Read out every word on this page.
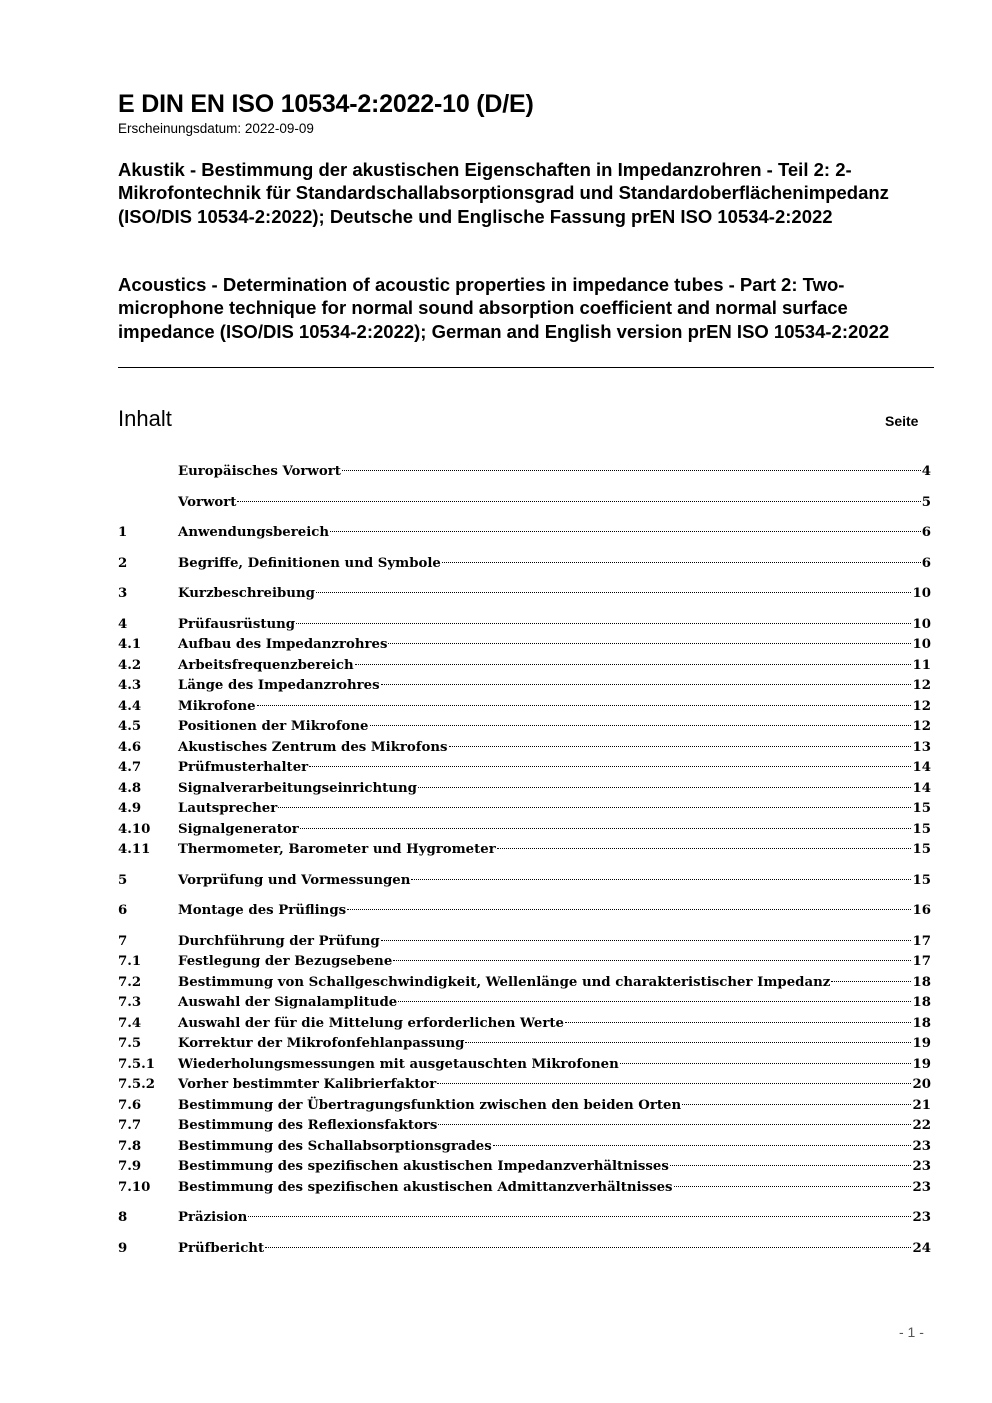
E DIN EN ISO 10534-2:2022-10 (D/E)
Erscheinungsdatum: 2022-09-09
Akustik - Bestimmung der akustischen Eigenschaften in Impedanzrohren - Teil 2: 2-Mikrofontechnik für Standardschallabsorptionsgrad und Standardoberflächenimpedanz (ISO/DIS 10534-2:2022); Deutsche und Englische Fassung prEN ISO 10534-2:2022
Acoustics - Determination of acoustic properties in impedance tubes - Part 2: Two-microphone technique for normal sound absorption coefficient and normal surface impedance (ISO/DIS 10534-2:2022); German and English version prEN ISO 10534-2:2022
Inhalt	Seite
Europäisches Vorwort	4
Vorwort	5
1	Anwendungsbereich	6
2	Begriffe, Definitionen und Symbole	6
3	Kurzbeschreibung	10
4	Prüfausrüstung	10
4.1	Aufbau des Impedanzrohres	10
4.2	Arbeitsfrequenzbereich	11
4.3	Länge des Impedanzrohres	12
4.4	Mikrofone	12
4.5	Positionen der Mikrofone	12
4.6	Akustisches Zentrum des Mikrofons	13
4.7	Prüfmusterhalter	14
4.8	Signalverarbeitungseinrichtung	14
4.9	Lautsprecher	15
4.10	Signalgenerator	15
4.11	Thermometer, Barometer und Hygrometer	15
5	Vorprüfung und Vormessungen	15
6	Montage des Prüflings	16
7	Durchführung der Prüfung	17
7.1	Festlegung der Bezugsebene	17
7.2	Bestimmung von Schallgeschwindigkeit, Wellenlänge und charakteristischer Impedanz	18
7.3	Auswahl der Signalamplitude	18
7.4	Auswahl der für die Mittelung erforderlichen Werte	18
7.5	Korrektur der Mikrofonfehlanpassung	19
7.5.1	Wiederholungsmessungen mit ausgetauschten Mikrofonen	19
7.5.2	Vorher bestimmter Kalibrierfaktor	20
7.6	Bestimmung der Übertragungsfunktion zwischen den beiden Orten	21
7.7	Bestimmung des Reflexionsfaktors	22
7.8	Bestimmung des Schallabsorptionsgrades	23
7.9	Bestimmung des spezifischen akustischen Impedanzverhältnisses	23
7.10	Bestimmung des spezifischen akustischen Admittanzverhältnisses	23
8	Präzision	23
9	Prüfbericht	24
- 1 -
